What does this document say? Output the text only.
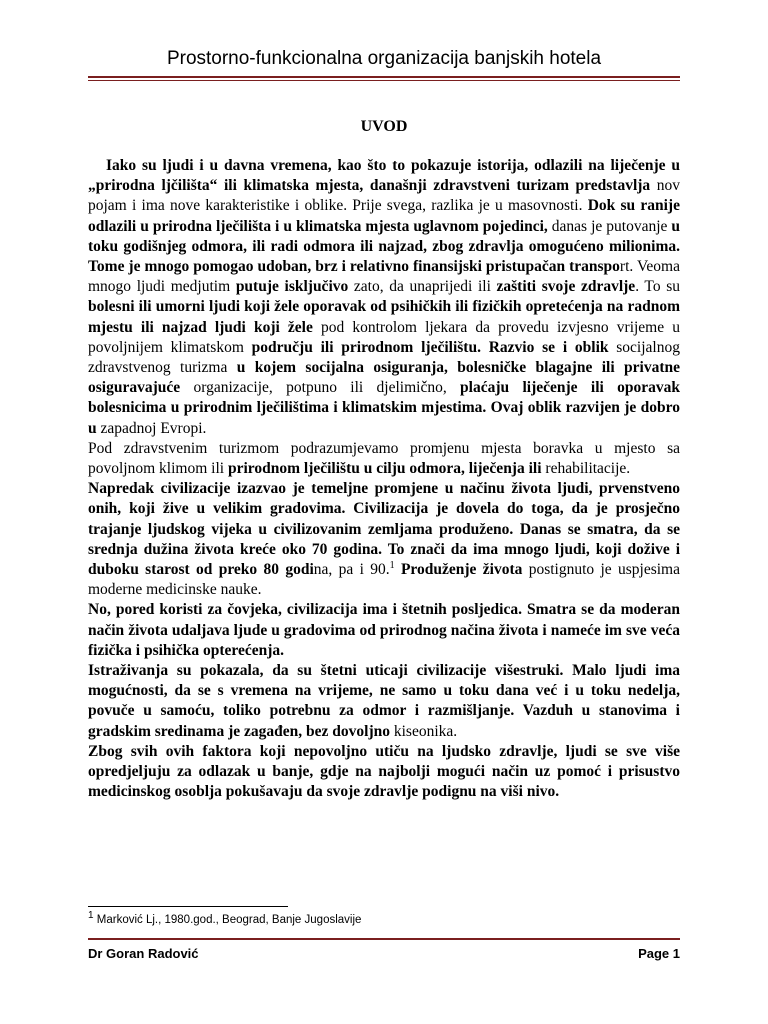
Prostorno-funkcionalna organizacija banjskih hotela
UVOD

Iako su ljudi i u davna vremena, kao što to pokazuje istorija, odlazili na liječenje u „prirodna ljčilišta“ ili klimatska mjesta, današnji zdravstveni turizam predstavlja nov pojam i ima nove karakteristike i oblike. Prije svega, razlika je u masovnosti. Dok su ranije odlazili u prirodna lječilišta i u klimatska mjesta uglavnom pojedinci, danas je putovanje u toku godišnjeg odmora, ili radi odmora ili najzad, zbog zdravlja omogućeno milionima. Tome je mnogo pomogao udoban, brz i relativno finansijski pristupačan transport. Veoma mnogo ljudi medjutim putuje isključivo zato, da unaprijedi ili zaštiti svoje zdravlje. To su bolesni ili umorni ljudi koji žele oporavak od psihičkih ili fizičkih opretećenja na radnom mjestu ili najzad ljudi koji žele pod kontrolom ljekara da provedu izvjesno vrijeme u povoljnijem klimatskom području ili prirodnom lječilištu. Razvio se i oblik socijalnog zdravstvenog turizma u kojem socijalna osiguranja, bolesničke blagajne ili privatne osiguravajuće organizacije, potpuno ili djelimično, plaćaju liječenje ili oporavak bolesnicima u prirodnim lječilištima i klimatskim mjestima. Ovaj oblik razvijen je dobro u zapadnoj Evropi.

Pod zdravstvenim turizmom podrazumjevamo promjenu mjesta boravka u mjesto sa povoljnom klimom ili prirodnom lječilištu u cilju odmora, liječenja ili rehabilitacije.

Napredak civilizacije izazvao je temeljne promjene u načinu života ljudi, prvenstveno onih, koji žive u velikim gradovima. Civilizacija je dovela do toga, da je prosječno trajanje ljudskog vijeka u civilizovanim zemljama produženo. Danas se smatra, da se srednja dužina života kreće oko 70 godina. To znači da ima mnogo ljudi, koji dožive i duboku starost od preko 80 godina, pa i 90.$^1$ Produženje života postignuto je uspjesima moderne medicinske nauke.

No, pored koristi za čovjeka, civilizacija ima i štetnih posljedica. Smatra se da moderan način života udaljava ljude u gradovima od prirodnog načina života i nameće im sve veća fizička i psihička opterećenja.

Istraživanja su pokazala, da su štetni uticaji civilizacije višestruki. Malo ljudi ima mogućnosti, da se s vremena na vrijeme, ne samo u toku dana već i u toku nedelja, povuče u samoću, toliko potrebnu za odmor i razmišljanje. Vazduh u stanovima i gradskim sredinama je zagađen, bez dovoljno kiseonika.

Zbog svih ovih faktora koji nepovoljno utiču na ljudsko zdravlje, ljudi se sve više opredjeljuju za odlazak u banje, gdje na najbolji mogući način uz pomoć i prisustvo medicinskog osoblja pokušavaju da svoje zdravlje podignu na viši nivo.

$^1$ Marković Lj., 1980.god., Beograd, Banje Jugoslavije
Dr Goran Radović	Page 1
